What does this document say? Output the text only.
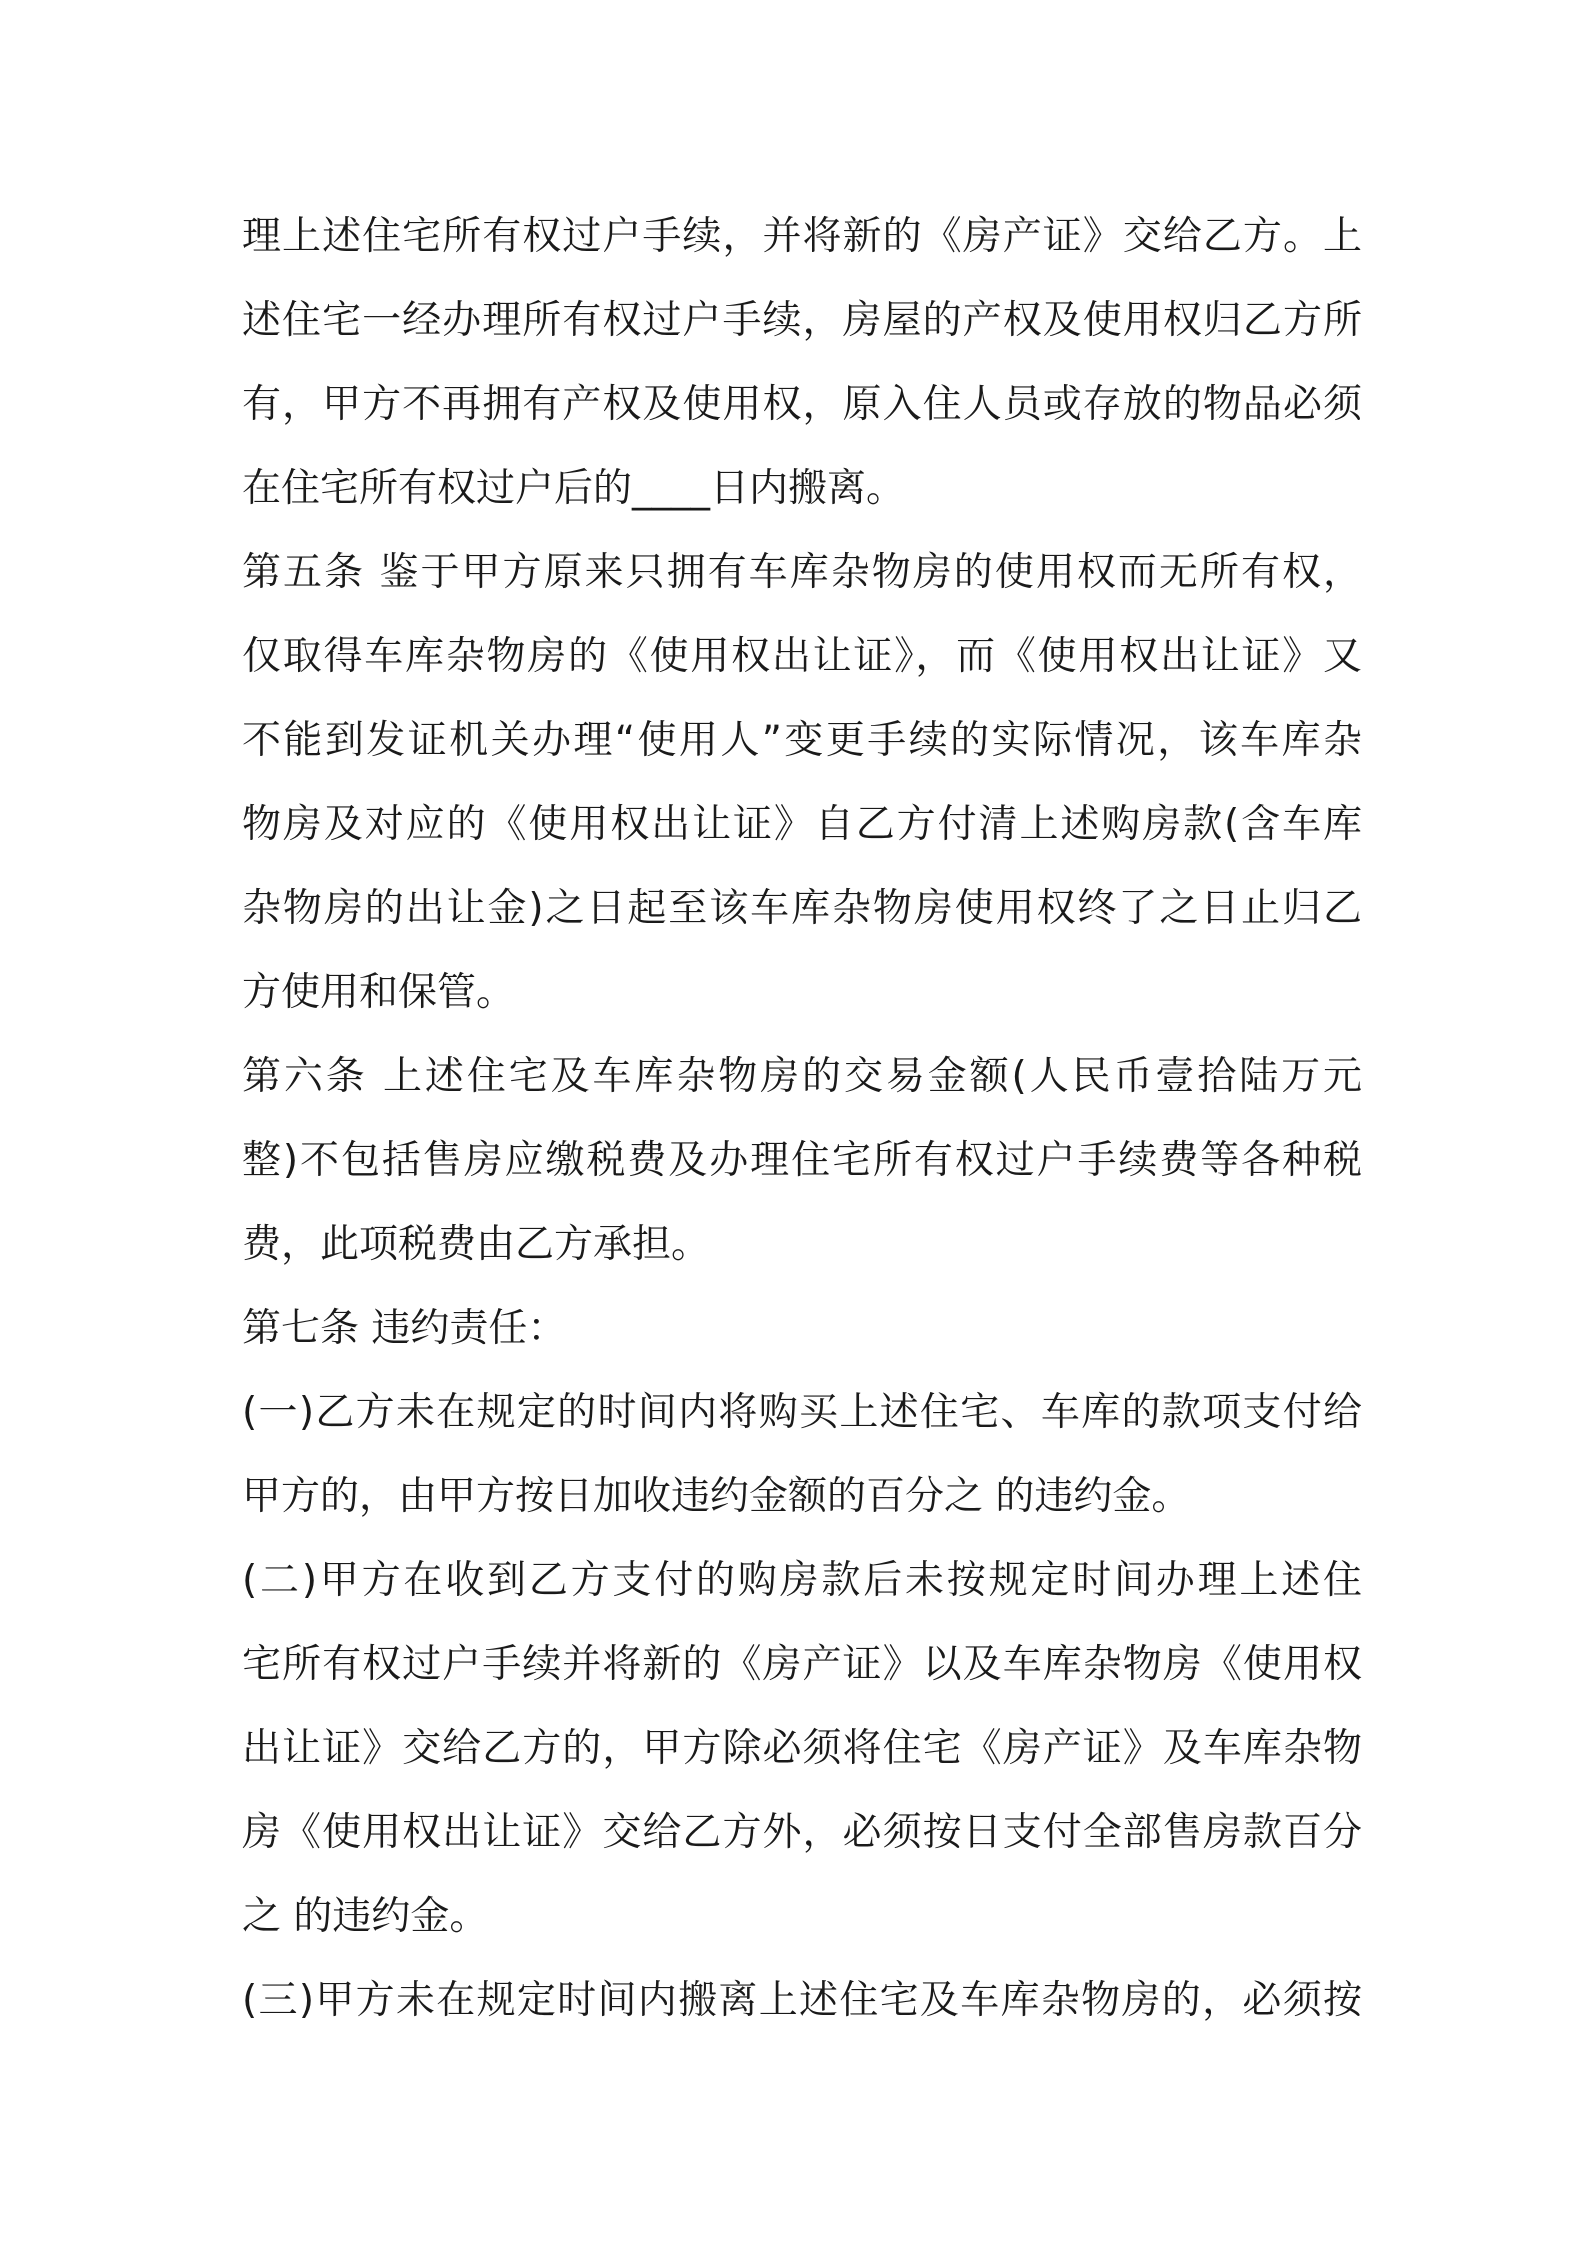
理上述住宅所有权过户手续，并将新的《房产证》交给乙方。上
述住宅一经办理所有权过户手续，房屋的产权及使用权归乙方所
有，甲方不再拥有产权及使用权，原入住人员或存放的物品必须
在住宅所有权过户后的____日内搬离。
第五条 鉴于甲方原来只拥有车库杂物房的使用权而无所有权，
仅取得车库杂物房的《使用权出让证》，而《使用权出让证》又
不能到发证机关办理“使用人”变更手续的实际情况，该车库杂
物房及对应的《使用权出让证》自乙方付清上述购房款(含车库
杂物房的出让金)之日起至该车库杂物房使用权终了之日止归乙
方使用和保管。
第六条 上述住宅及车库杂物房的交易金额(人民币壹拾陆万元
整)不包括售房应缴税费及办理住宅所有权过户手续费等各种税
费，此项税费由乙方承担。
第七条 违约责任：
(一)乙方未在规定的时间内将购买上述住宅、车库的款项支付给
甲方的，由甲方按日加收违约金额的百分之 的违约金。
(二)甲方在收到乙方支付的购房款后未按规定时间办理上述住
宅所有权过户手续并将新的《房产证》以及车库杂物房《使用权
出让证》交给乙方的，甲方除必须将住宅《房产证》及车库杂物
房《使用权出让证》交给乙方外，必须按日支付全部售房款百分
之 的违约金。
(三)甲方未在规定时间内搬离上述住宅及车库杂物房的，必须按
